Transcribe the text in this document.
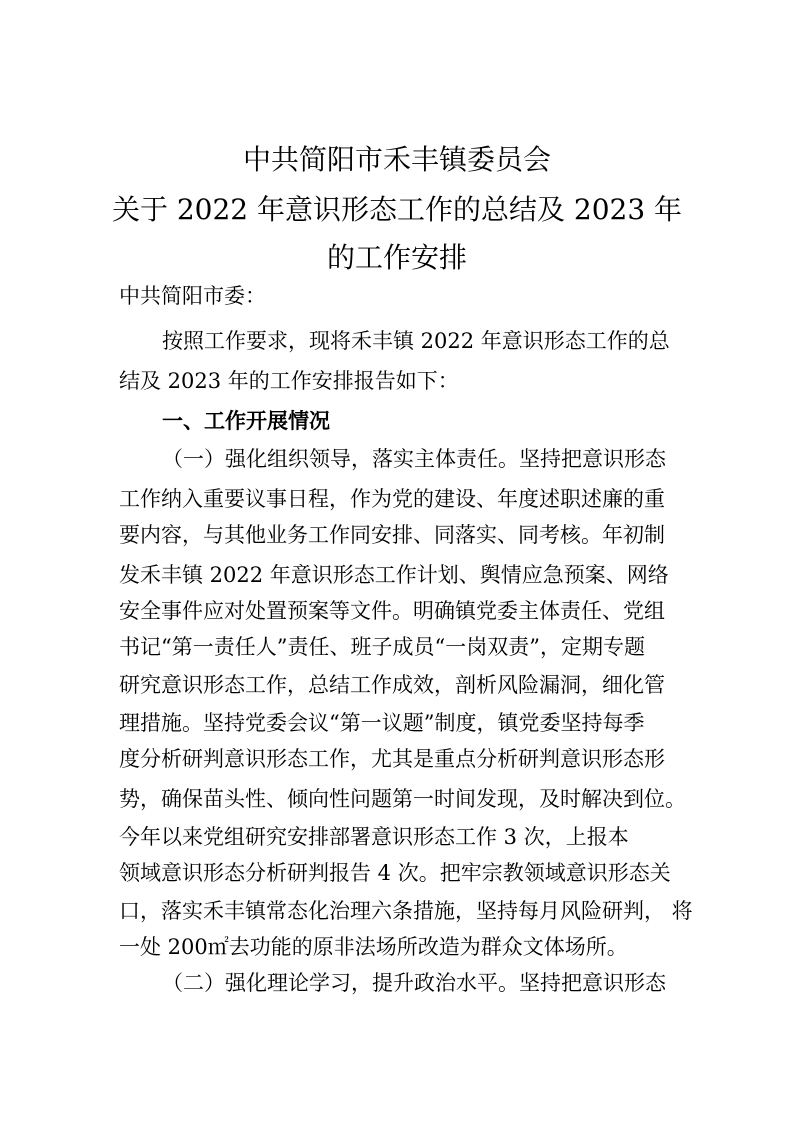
中共简阳市禾丰镇委员会
关于 2022 年意识形态工作的总结及 2023 年
的工作安排
中共简阳市委：
按照工作要求，现将禾丰镇 2022 年意识形态工作的总
结及 2023 年的工作安排报告如下：
一、工作开展情况
（一）强化组织领导，落实主体责任。坚持把意识形态
工作纳入重要议事日程，作为党的建设、年度述职述廉的重
要内容，与其他业务工作同安排、同落实、同考核。年初制
发禾丰镇 2022 年意识形态工作计划、舆情应急预案、网络
安全事件应对处置预案等文件。明确镇党委主体责任、党组
书记“第一责任人”责任、班子成员“一岗双责”，定期专题
研究意识形态工作，总结工作成效，剖析风险漏洞，细化管
理措施。坚持党委会议“第一议题”制度，镇党委坚持每季
度分析研判意识形态工作，尤其是重点分析研判意识形态形
势，确保苗头性、倾向性问题第一时间发现，及时解决到位。
今年以来党组研究安排部署意识形态工作 3 次，上报本
领域意识形态分析研判报告 4 次。把牢宗教领域意识形态关
口，落实禾丰镇常态化治理六条措施，坚持每月风险研判， 将
一处 200㎡去功能的原非法场所改造为群众文体场所。
（二）强化理论学习，提升政治水平。坚持把意识形态
